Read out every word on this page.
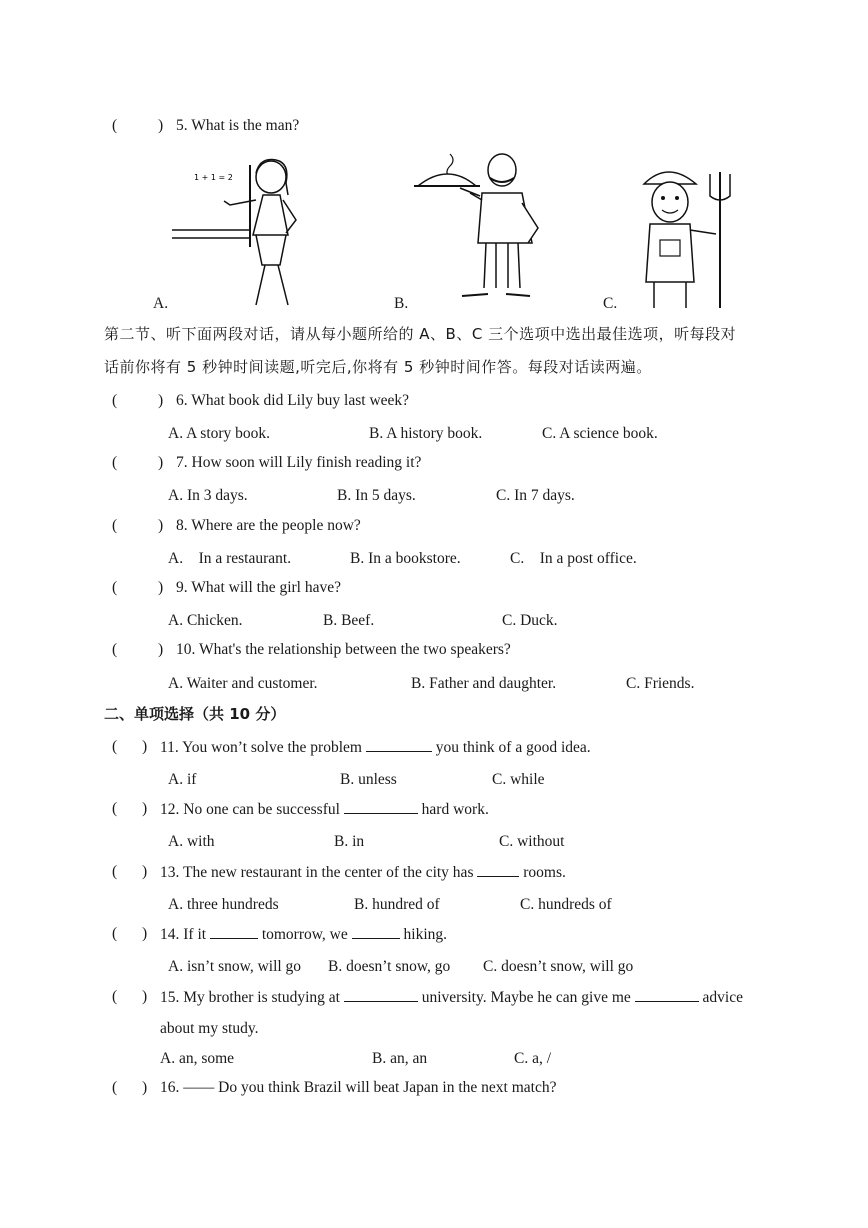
(	) 5. What is the man?
1 + 1 = 2
A.	B.	C.
第二节、听下面两段对话，请从每小题所给的 A、B、C 三个选项中选出最佳选项，听每段对
话前你将有 5 秒钟时间读题,听完后,你将有 5 秒钟时间作答。每段对话读两遍。
(	) 6. What book did Lily buy last week?
A. A story book.	B. A history book.	C. A science book.
(	) 7. How soon will Lily finish reading it?
A. In 3 days.	B. In 5 days.	C. In 7 days.
(	) 8. Where are the people now?
A.    In a restaurant.	B. In a bookstore.	C.    In a post office.
(	) 9. What will the girl have?
A. Chicken.	B. Beef.	C. Duck.
(	) 10. What's the relationship between the two speakers?
A. Waiter and customer.	B. Father and daughter.	C. Friends.
二、单项选择（共 10 分）
( ) 11. You won’t solve the problem	you think of a good idea.
A. if	B. unless	C. while
( ) 12. No one can be successful	hard work.
A. with	B. in	C. without
( ) 13. The new restaurant in the center of the city has	rooms.
A. three hundreds	B. hundred of	C. hundreds of
( ) 14. If it	tomorrow, we	hiking.
A. isn’t snow, will go B. doesn’t snow, go C. doesn’t snow, will go
( ) 15. My brother is studying at	university. Maybe he can give me	advice
about my study.
A. an, some	B. an, an	C. a, /
( ) 16. —— Do you think Brazil will beat Japan in the next match?
